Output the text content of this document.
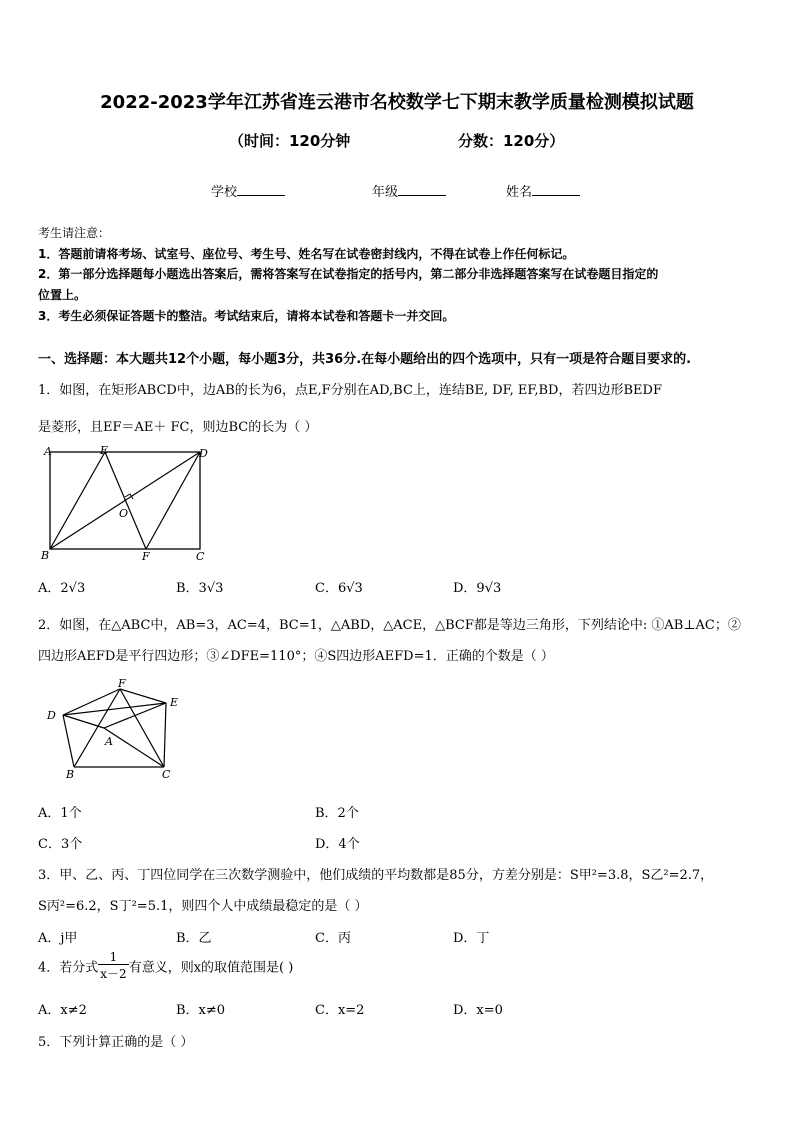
2022-2023学年江苏省连云港市名校数学七下期末教学质量检测模拟试题
（时间：120分钟	分数：120分）
学校	年级	姓名
考生请注意：
1．答题前请将考场、试室号、座位号、考生号、姓名写在试卷密封线内，不得在试卷上作任何标记。
2．第一部分选择题每小题选出答案后，需将答案写在试卷指定的括号内，第二部分非选择题答案写在试卷题目指定的
位置上。
3．考生必须保证答题卡的整洁。考试结束后，请将本试卷和答题卡一并交回。
一、选择题：本大题共12个小题，每小题3分，共36分.在每小题给出的四个选项中，只有一项是符合题目要求的.
1．如图，在矩形ABCD中，边AB的长为6，点E,F分别在AD,BC上，连结BE, DF, EF,BD，若四边形BEDF
是菱形，且EF＝AE＋ FC，则边BC的长为（ ）
A	E	D
O
B	F	C
A．2√3	B．3√3	C．6√3	D．9√3
2．如图，在△ABC中，AB=3，AC=4，BC=1，△ABD，△ACE，△BCF都是等边三角形，下列结论中: ①AB⊥AC；②
四边形AEFD是平行四边形；③∠DFE=110°；④S四边形AEFD=1．正确的个数是（ ）
F
E
D
A
B	C
A．1个	B．2个
C．3个	D．4个
3．甲、乙、丙、丁四位同学在三次数学测验中，他们成绩的平均数都是85分，方差分别是：S甲²=3.8，S乙²=2.7，
S丙²=6.2，S丁²=5.1，则四个人中成绩最稳定的是（ ）
A．j甲	B．乙	C．丙	D．丁
4．若分式 $\frac{1}{x-2}$ 有意义，则x的取值范围是( )
A．x≠2	B．x≠0	C．x=2	D．x=0
5．下列计算正确的是（ ）
